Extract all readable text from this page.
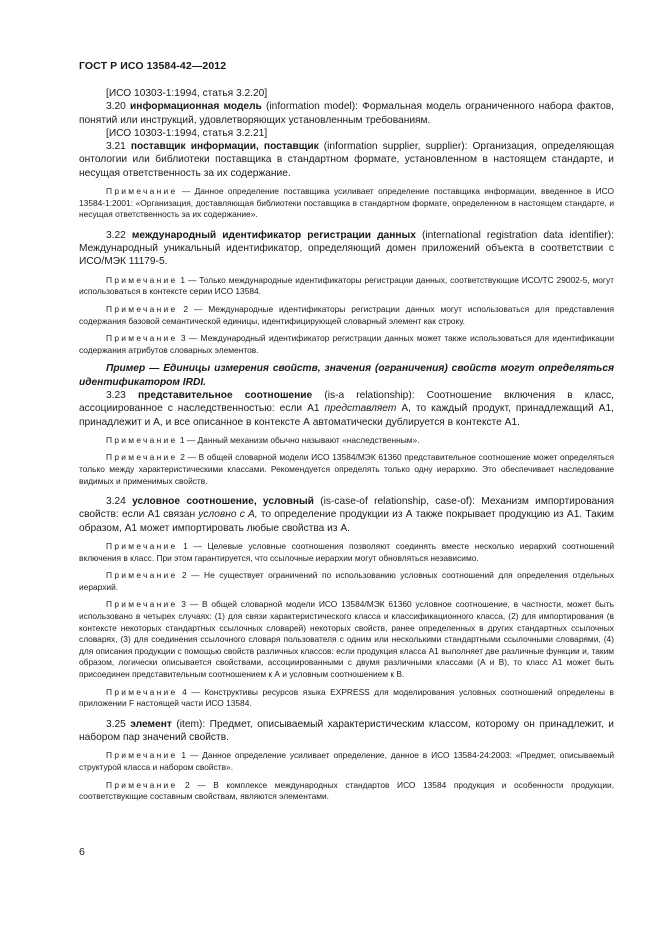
ГОСТ Р ИСО 13584-42—2012

[ИСО 10303-1:1994, статья 3.2.20]

3.20 информационная модель (information model): Формальная модель ограниченного набора фактов, понятий или инструкций, удовлетворяющих установленным требованиям.

[ИСО 10303-1:1994, статья 3.2.21]

3.21 поставщик информации, поставщик (information supplier, supplier): Организация, определяющая онтологии или библиотеки поставщика в стандартном формате, установленном в настоящем стандарте, и несущая ответственность за их содержание.

Примечание — Данное определение поставщика усиливает определение поставщика информации, введенное в ИСО 13584-1:2001: «Организация, доставляющая библиотеки поставщика в стандартном формате, определенном в настоящем стандарте, и несущая ответственность за их содержание».

3.22 международный идентификатор регистрации данных (international registration data identifier): Международный уникальный идентификатор, определяющий домен приложений объекта в соответствии с ИСО/МЭК 11179-5.

Примечание 1 — Только международные идентификаторы регистрации данных, соответствующие ИСО/ТС 29002-5, могут использоваться в контексте серии ИСО 13584.

Примечание 2 — Международные идентификаторы регистрации данных могут использоваться для представления содержания базовой семантической единицы, идентифицирующей словарный элемент как строку.

Примечание 3 — Международный идентификатор регистрации данных может также использоваться для идентификации содержания атрибутов словарных элементов.

Пример — Единицы измерения свойств, значения (ограничения) свойств могут определяться идентификатором IRDI.

3.23 представительное соотношение (is-a relationship): Соотношение включения в класс, ассоциированное с наследственностью: если А1 представляет А, то каждый продукт, принадлежащий А1, принадлежит и А, и все описанное в контексте А автоматически дублируется в контексте А1.

Примечание 1 — Данный механизм обычно называют «наследственным».

Примечание 2 — В общей словарной модели ИСО 13584/МЭК 61360 представительное соотношение может определяться только между характеристическими классами. Рекомендуется определять только одну иерархию. Это обеспечивает наследование видимых и применимых свойств.

3.24 условное соотношение, условный (is-case-of relationship, case-of): Механизм импортирования свойств: если А1 связан условно с А, то определение продукции из А также покрывает продукцию из А1. Таким образом, А1 может импортировать любые свойства из А.

Примечание 1 — Целевые условные соотношения позволяют соединять вместе несколько иерархий соотношений включения в класс. При этом гарантируется, что ссылочные иерархии могут обновляться независимо.

Примечание 2 — Не существует ограничений по использованию условных соотношений для определения отдельных иерархий.

Примечание 3 — В общей словарной модели ИСО 13584/МЭК 61360 условное соотношение, в частности, может быть использовано в четырех случаях: (1) для связи характеристического класса и классификационного класса, (2) для импортирования (в контексте некоторых стандартных ссылочных словарей) некоторых свойств, ранее определенных в других стандартных ссылочных словарях, (3) для соединения ссылочного словаря пользователя с одним или несколькими стандартными ссылочными словарями, (4) для описания продукции с помощью свойств различных классов: если продукция класса А1 выполняет две различные функции и, таким образом, логически описывается свойствами, ассоциированными с двумя различными классами (А и В), то класс А1 может быть присоединен представительным соотношением к А и условным соотношением к В.

Примечание 4 — Конструктивы ресурсов языка EXPRESS для моделирования условных соотношений определены в приложении F настоящей части ИСО 13584.

3.25 элемент (item): Предмет, описываемый характеристическим классом, которому он принадлежит, и набором пар значений свойств.

Примечание 1 — Данное определение усиливает определение, данное в ИСО 13584-24:2003: «Предмет, описываемый структурой класса и набором свойств».

Примечание 2 — В комплексе международных стандартов ИСО 13584 продукция и особенности продукции, соответствующие составным свойствам, являются элементами.

6
